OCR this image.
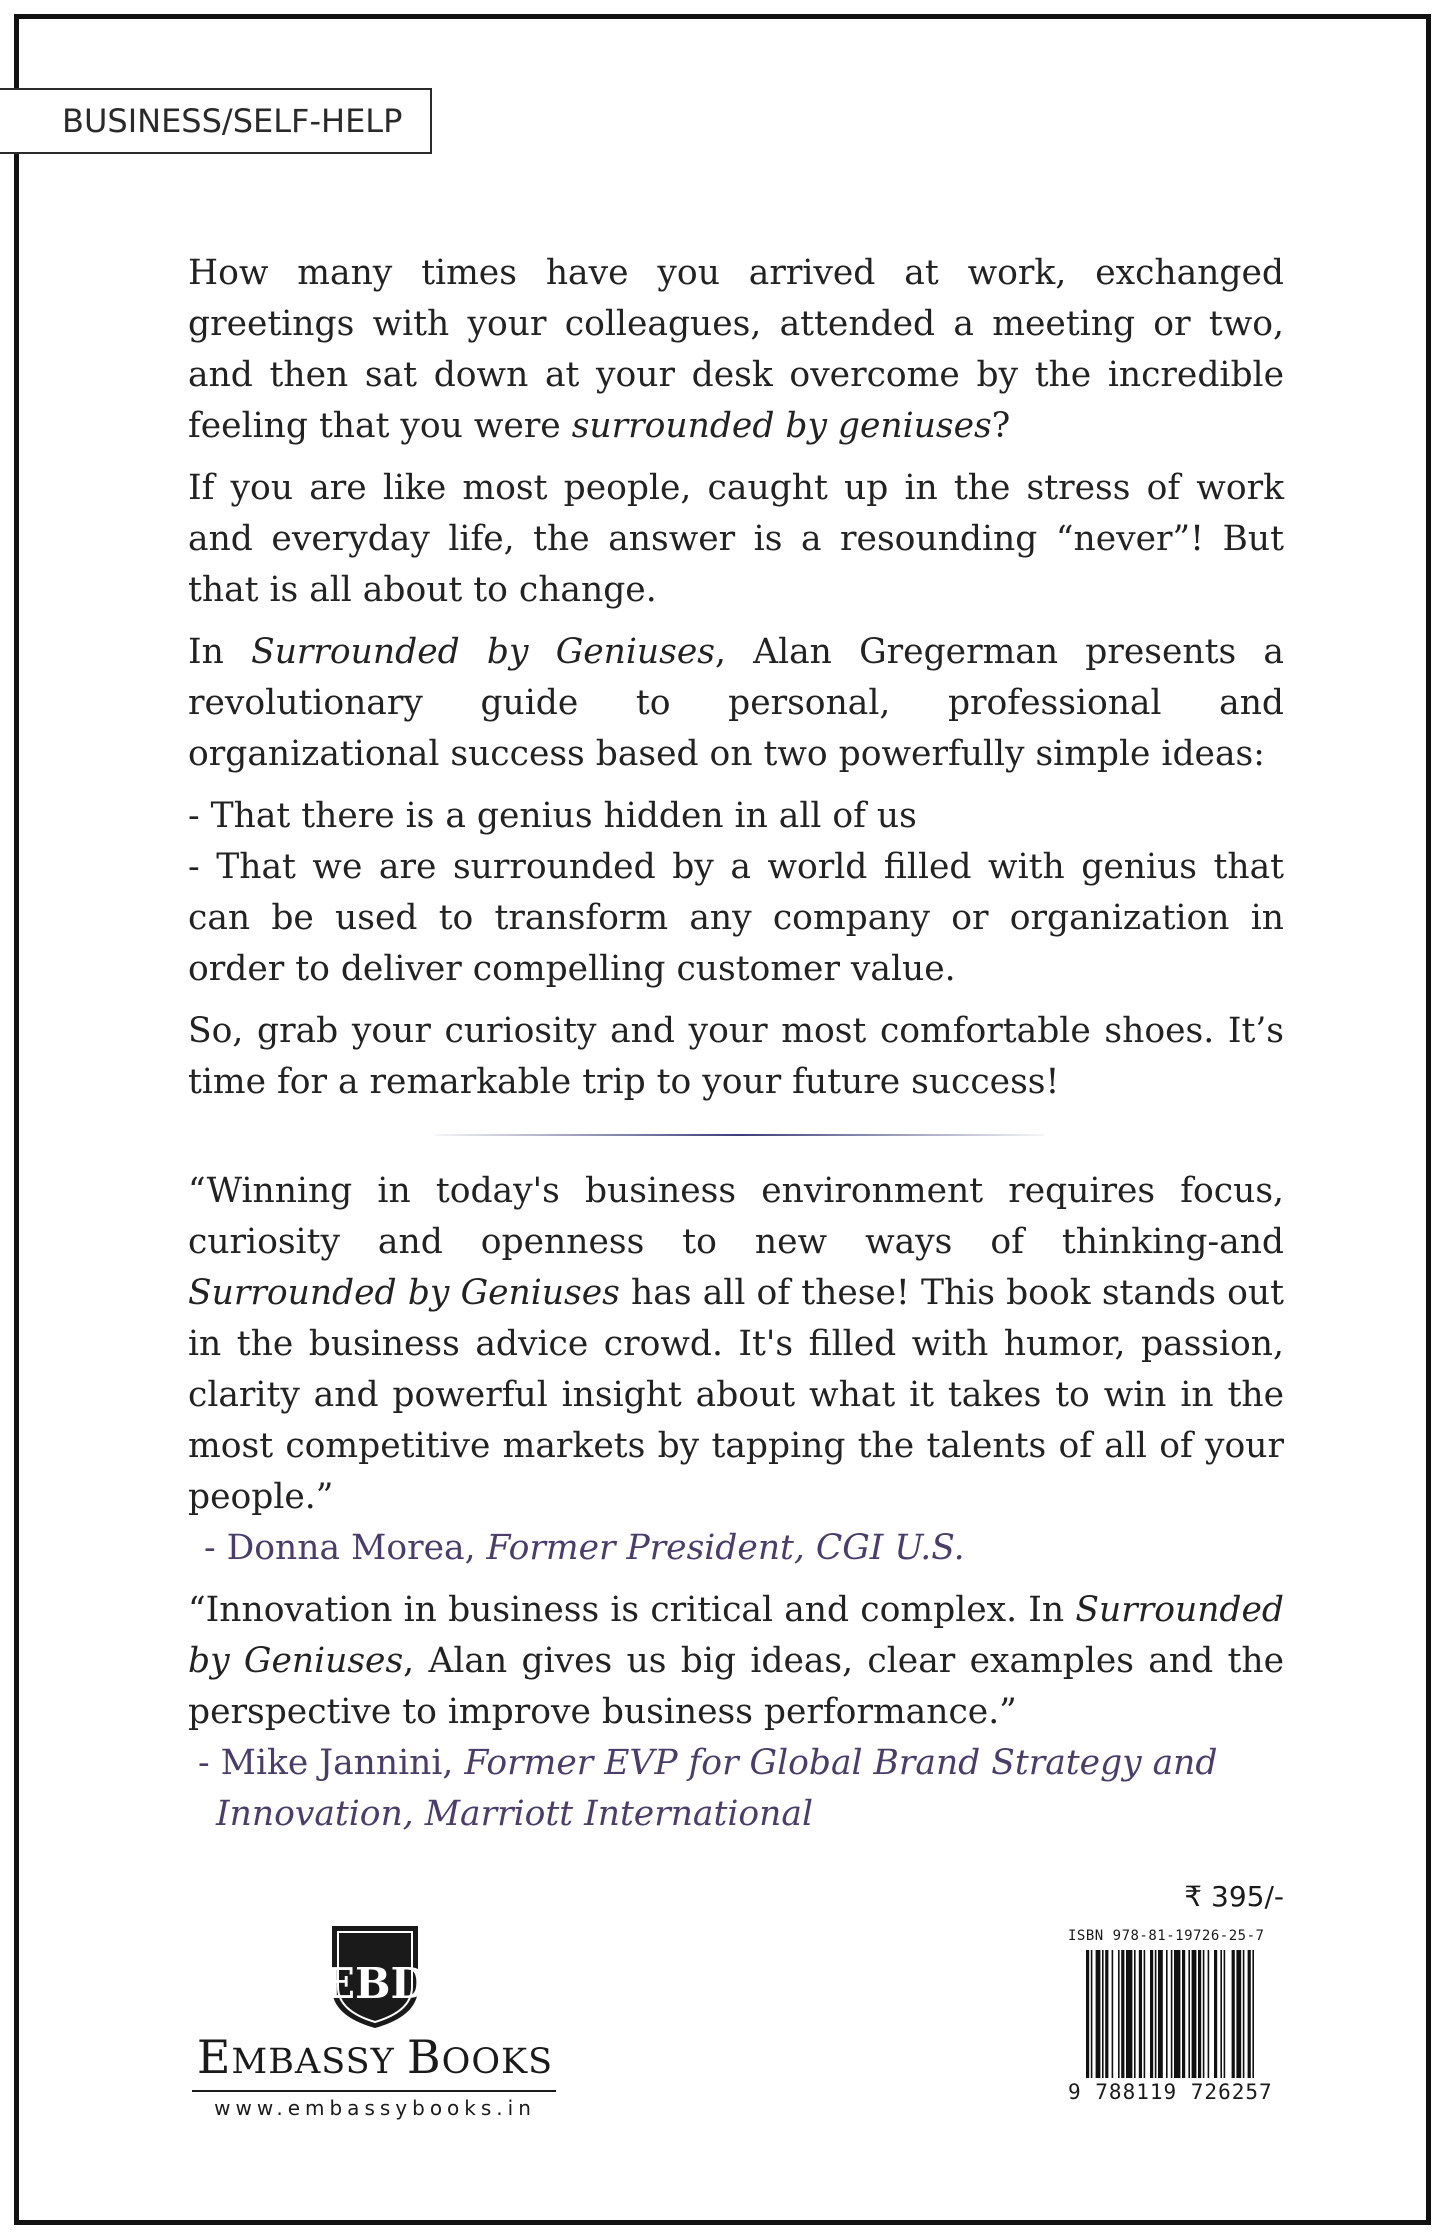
BUSINESS/SELF-HELP

How many times have you arrived at work, exchanged greetings with your colleagues, attended a meeting or two, and then sat down at your desk overcome by the incredible feeling that you were surrounded by geniuses?

If you are like most people, caught up in the stress of work and everyday life, the answer is a resounding “never”! But that is all about to change.

In Surrounded by Geniuses, Alan Gregerman presents a revolutionary guide to personal, professional and organizational success based on two powerfully simple ideas:

- That there is a genius hidden in all of us

- That we are surrounded by a world filled with genius that can be used to transform any company or organization in order to deliver compelling customer value.

So, grab your curiosity and your most comfortable shoes. It’s time for a remarkable trip to your future success!

“Winning in today's business environment requires focus, curiosity and openness to new ways of thinking-and Surrounded by Geniuses has all of these! This book stands out in the business advice crowd. It's filled with humor, passion, clarity and powerful insight about what it takes to win in the most competitive markets by tapping the talents of all of your people.”

- Donna Morea, Former President, CGI U.S.

“Innovation in business is critical and complex. In Surrounded by Geniuses, Alan gives us big ideas, clear examples and the perspective to improve business performance.”

- Mike Jannini, Former EVP for Global Brand Strategy and
Innovation, Marriott International

EBD
EMBASSY BOOKS
www.embassybooks.in
₹ 395/-
ISBN 978-81-19726-25-7
9 788119 726257
